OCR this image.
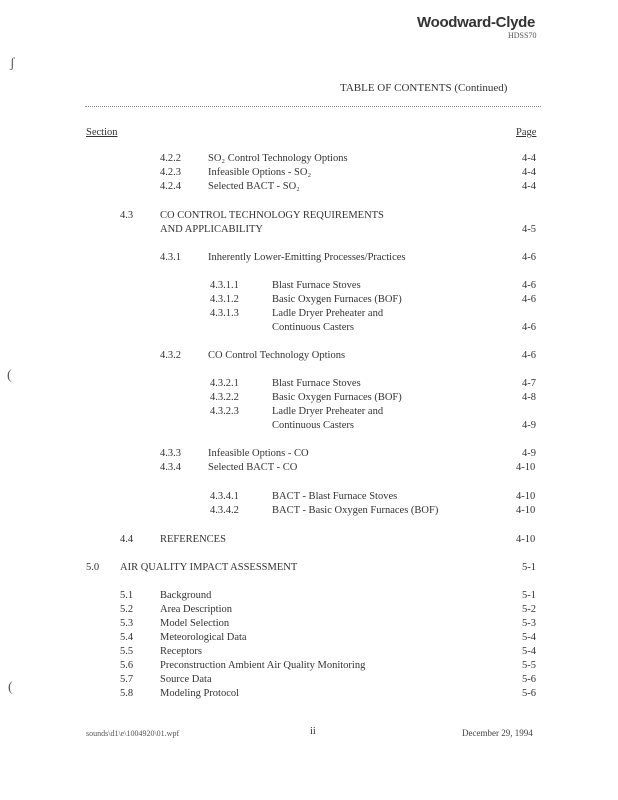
Woodward-Clyde
HDSS70
ʃ
TABLE OF CONTENTS (Continued)
Section	Page
4.2.2	SO₂ Control Technology Options	4-4
4.2.3	Infeasible Options - SO₂	4-4
4.2.4	Selected BACT - SO₂	4-4
4.3	CO CONTROL TECHNOLOGY REQUIREMENTS
AND APPLICABILITY	4-5
4.3.1	Inherently Lower-Emitting Processes/Practices	4-6
4.3.1.1	Blast Furnace Stoves	4-6
4.3.1.2	Basic Oxygen Furnaces (BOF)	4-6
4.3.1.3	Ladle Dryer Preheater and
Continuous Casters	4-6
4.3.2	CO Control Technology Options	4-6
4.3.2.1	Blast Furnace Stoves	4-7
4.3.2.2	Basic Oxygen Furnaces (BOF)	4-8
4.3.2.3	Ladle Dryer Preheater and
Continuous Casters	4-9
4.3.3	Infeasible Options - CO	4-9
4.3.4	Selected BACT - CO	4-10
4.3.4.1	BACT - Blast Furnace Stoves	4-10
4.3.4.2	BACT - Basic Oxygen Furnaces (BOF)	4-10
4.4	REFERENCES	4-10
5.0 AIR QUALITY IMPACT ASSESSMENT	5-1
5.1	Background	5-1
5.2	Area Description	5-2
5.3	Model Selection	5-3
5.4	Meteorological Data	5-4
5.5	Receptors	5-4
5.6	Preconstruction Ambient Air Quality Monitoring	5-5
5.7	Source Data	5-6
5.8	Modeling Protocol	5-6
(
(
sounds\d1\e\1004920\01.wpf	ii	December 29, 1994
